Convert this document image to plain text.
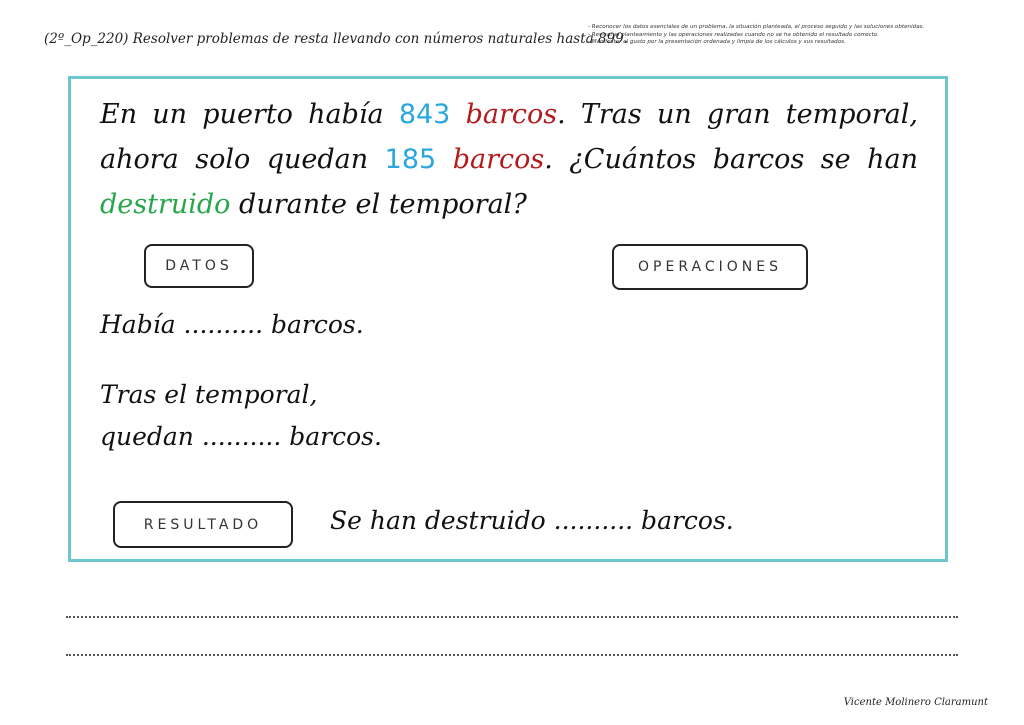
(2º_Op_220) Resolver problemas de resta llevando con números naturales hasta 899.
- Reconocer los datos esenciales de un problema, la situación planteada, el proceso seguido y las soluciones obtenidas.
- Revisar el planteamiento y las operaciones realizadas cuando no se ha obtenido el resultado correcto.
- Manifestar el gusto por la presentación ordenada y limpia de los cálculos y sus resultados.
En un puerto había 843 barcos. Tras un gran temporal, ahora solo quedan 185 barcos. ¿Cuántos barcos se han destruido durante el temporal?
DATOS	OPERACIONES
Había .......... barcos.
Tras el temporal,
quedan .......... barcos.
RESULTADO	Se han destruido .......... barcos.
Vicente Molinero Claramunt
